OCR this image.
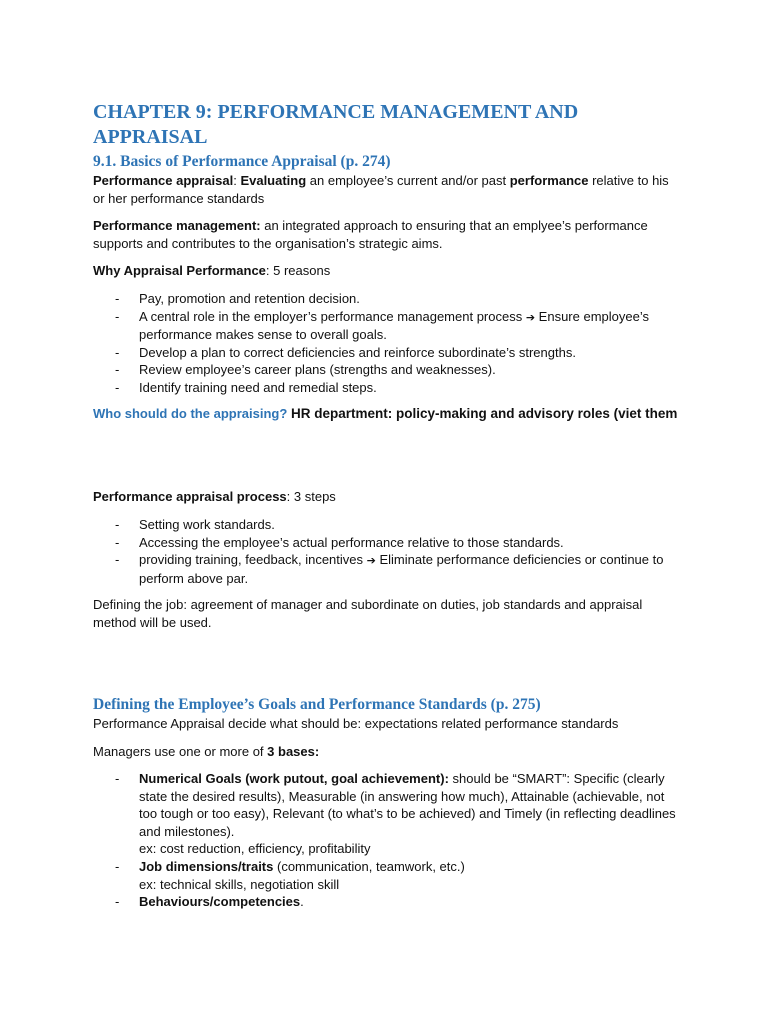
CHAPTER 9: PERFORMANCE MANAGEMENT AND APPRAISAL
9.1. Basics of Performance Appraisal (p. 274)

Performance appraisal: Evaluating an employee’s current and/or past performance relative to his or her performance standards

Performance management: an integrated approach to ensuring that an emplyee’s performance supports and contributes to the organisation’s strategic aims.

Why Appraisal Performance: 5 reasons

- Pay, promotion and retention decision.
- A central role in the employer’s performance management process ➔ Ensure employee’s performance makes sense to overall goals.
- Develop a plan to correct deficiencies and reinforce subordinate’s strengths.
- Review employee’s career plans (strengths and weaknesses).
- Identify training need and remedial steps.

Who should do the appraising? HR department: policy-making and advisory roles (viet them

Performance appraisal process: 3 steps

- Setting work standards.
- Accessing the employee’s actual performance relative to those standards.
- providing training, feedback, incentives ➔ Eliminate performance deficiencies or continue to perform above par.

Defining the job: agreement of manager and subordinate on duties, job standards and appraisal method will be used.

Defining the Employee’s Goals and Performance Standards (p. 275)

Performance Appraisal decide what should be: expectations related performance standards

Managers use one or more of 3 bases:

- Numerical Goals (work putout, goal achievement): should be “SMART”: Specific (clearly state the desired results), Measurable (in answering how much), Attainable (achievable, not too tough or too easy), Relevant (to what’s to be achieved) and Timely (in reflecting deadlines and milestones).
ex: cost reduction, efficiency, profitability
- Job dimensions/traits (communication, teamwork, etc.)
ex: technical skills, negotiation skill
- Behaviours/competencies.
